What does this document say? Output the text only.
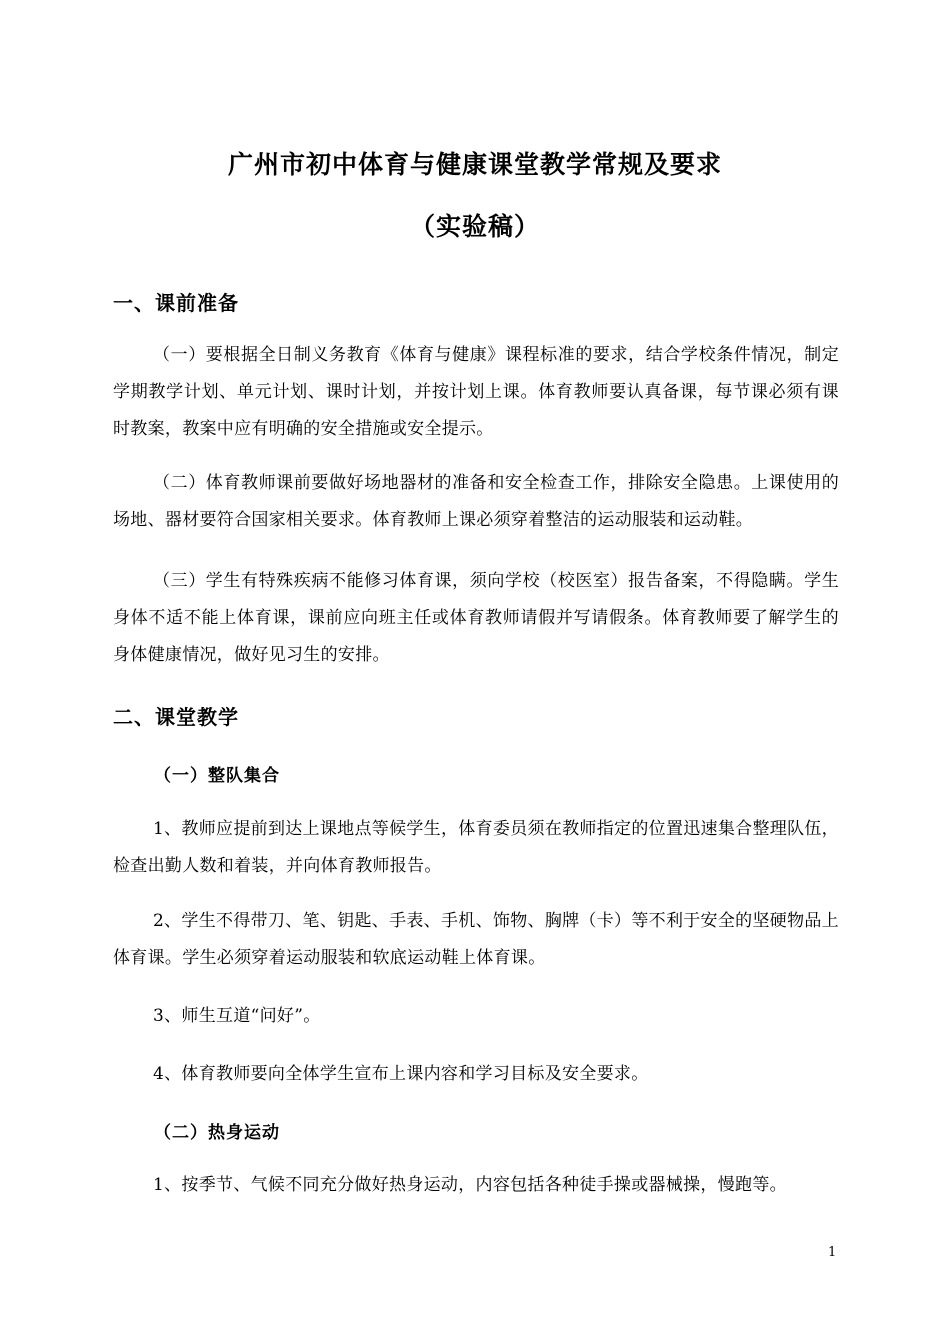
广州市初中体育与健康课堂教学常规及要求
（实验稿）
一、课前准备
（一）要根据全日制义务教育《体育与健康》课程标准的要求，结合学校条件情况，制定学期教学计划、单元计划、课时计划，并按计划上课。体育教师要认真备课，每节课必须有课时教案，教案中应有明确的安全措施或安全提示。
（二）体育教师课前要做好场地器材的准备和安全检查工作，排除安全隐患。上课使用的场地、器材要符合国家相关要求。体育教师上课必须穿着整洁的运动服装和运动鞋。
（三）学生有特殊疾病不能修习体育课，须向学校（校医室）报告备案，不得隐瞒。学生身体不适不能上体育课，课前应向班主任或体育教师请假并写请假条。体育教师要了解学生的身体健康情况，做好见习生的安排。
二、课堂教学
（一）整队集合
1、教师应提前到达上课地点等候学生，体育委员须在教师指定的位置迅速集合整理队伍，检查出勤人数和着装，并向体育教师报告。
2、学生不得带刀、笔、钥匙、手表、手机、饰物、胸牌（卡）等不利于安全的坚硬物品上体育课。学生必须穿着运动服装和软底运动鞋上体育课。
3、师生互道“问好”。
4、体育教师要向全体学生宣布上课内容和学习目标及安全要求。
（二）热身运动
1、按季节、气候不同充分做好热身运动，内容包括各种徒手操或器械操，慢跑等。
1
